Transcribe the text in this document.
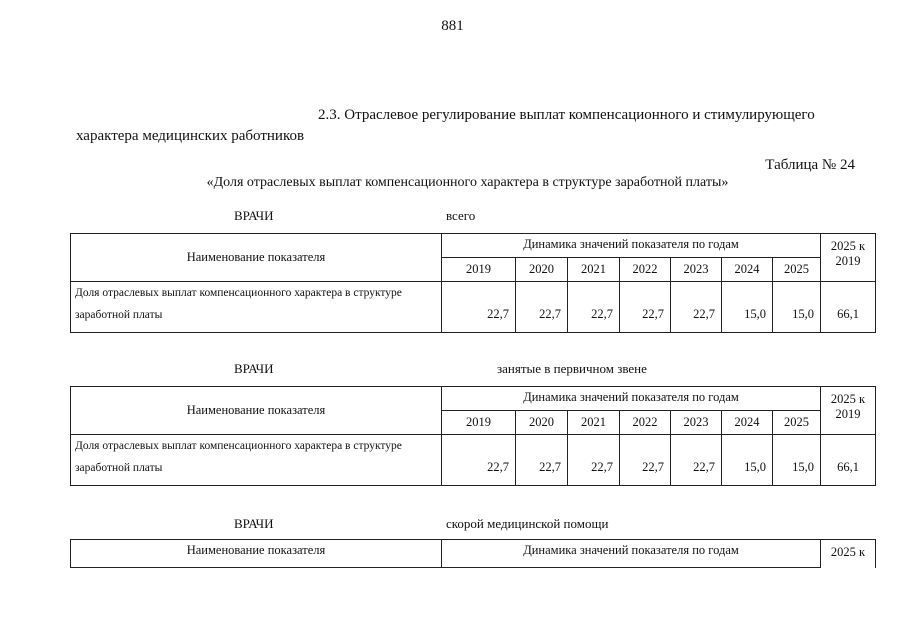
881
2.3. Отраслевое регулирование выплат компенсационного и стимулирующего
характера медицинских работников
Таблица № 24
«Доля отраслевых выплат компенсационного характера в структуре заработной платы»
ВРАЧИ	всего
Наименование показателя	Динамика значений показателя по годам							2025 к
2019
	2019	2020	2021	2022	2023	2024	2025	
Доля отраслевых выплат компенсационного характера в структуре
заработной платы	22,7	22,7	22,7	22,7	22,7	15,0	15,0	66,1
ВРАЧИ	занятые в первичном звене
Наименование показателя	Динамика значений показателя по годам							2025 к
2019
	2019	2020	2021	2022	2023	2024	2025	
Доля отраслевых выплат компенсационного характера в структуре
заработной платы	22,7	22,7	22,7	22,7	22,7	15,0	15,0	66,1
ВРАЧИ	скорой медицинской помощи
Наименование показателя	Динамика значений показателя по годам	2025 к
